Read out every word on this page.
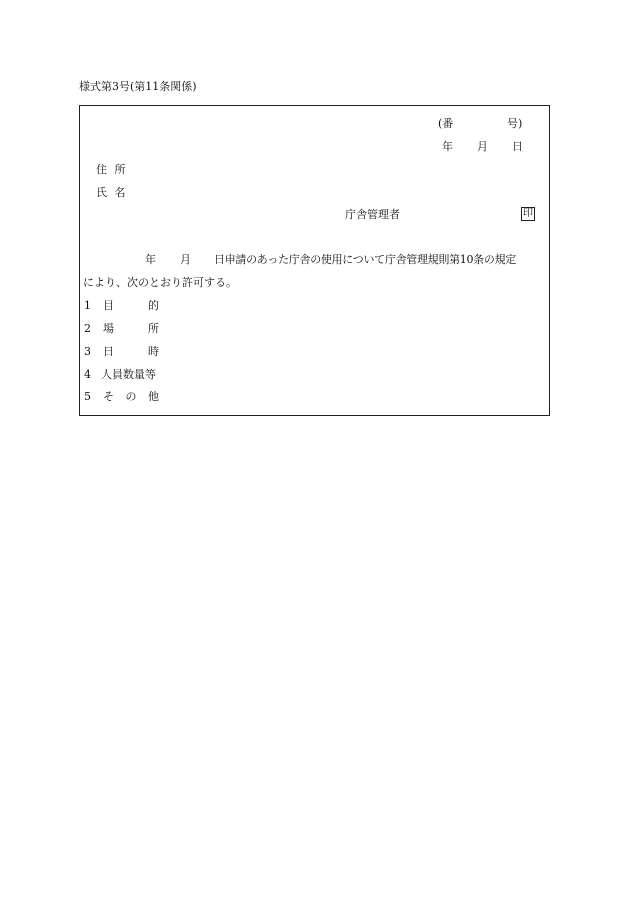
様式第3号(第11条関係)
(番	号)
年 月 日
住 所
氏 名
庁舎管理者	印
年 月 日申請のあった庁舎の使用について庁舎管理規則第10条の規定
により、次のとおり許可する。
1 目	的
2 場	所
3 日	時
4 人員数量等
5 そ の 他
